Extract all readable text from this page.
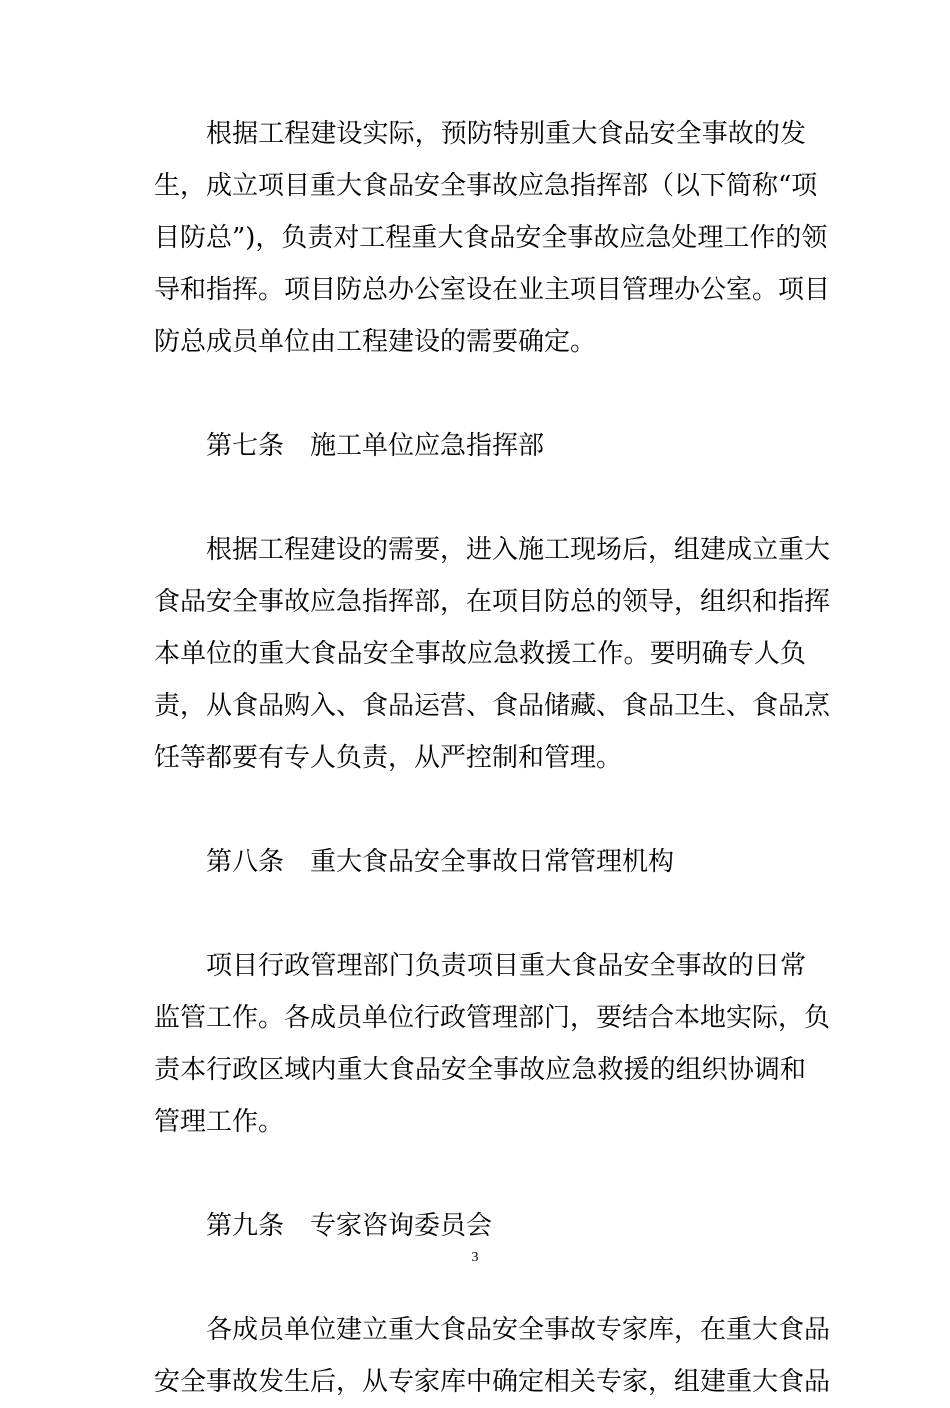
根据工程建设实际，预防特别重大食品安全事故的发
生，成立项目重大食品安全事故应急指挥部（以下简称“项
目防总”)，负责对工程重大食品安全事故应急处理工作的领
导和指挥。项目防总办公室设在业主项目管理办公室。项目
防总成员单位由工程建设的需要确定。
第七条　施工单位应急指挥部
根据工程建设的需要，进入施工现场后，组建成立重大
食品安全事故应急指挥部，在项目防总的领导，组织和指挥
本单位的重大食品安全事故应急救援工作。要明确专人负
责，从食品购入、食品运营、食品储藏、食品卫生、食品烹
饪等都要有专人负责，从严控制和管理。
第八条　重大食品安全事故日常管理机构
项目行政管理部门负责项目重大食品安全事故的日常
监管工作。各成员单位行政管理部门，要结合本地实际，负
责本行政区域内重大食品安全事故应急救援的组织协调和
管理工作。
第九条　专家咨询委员会
各成员单位建立重大食品安全事故专家库，在重大食品
安全事故发生后，从专家库中确定相关专家，组建重大食品
3
